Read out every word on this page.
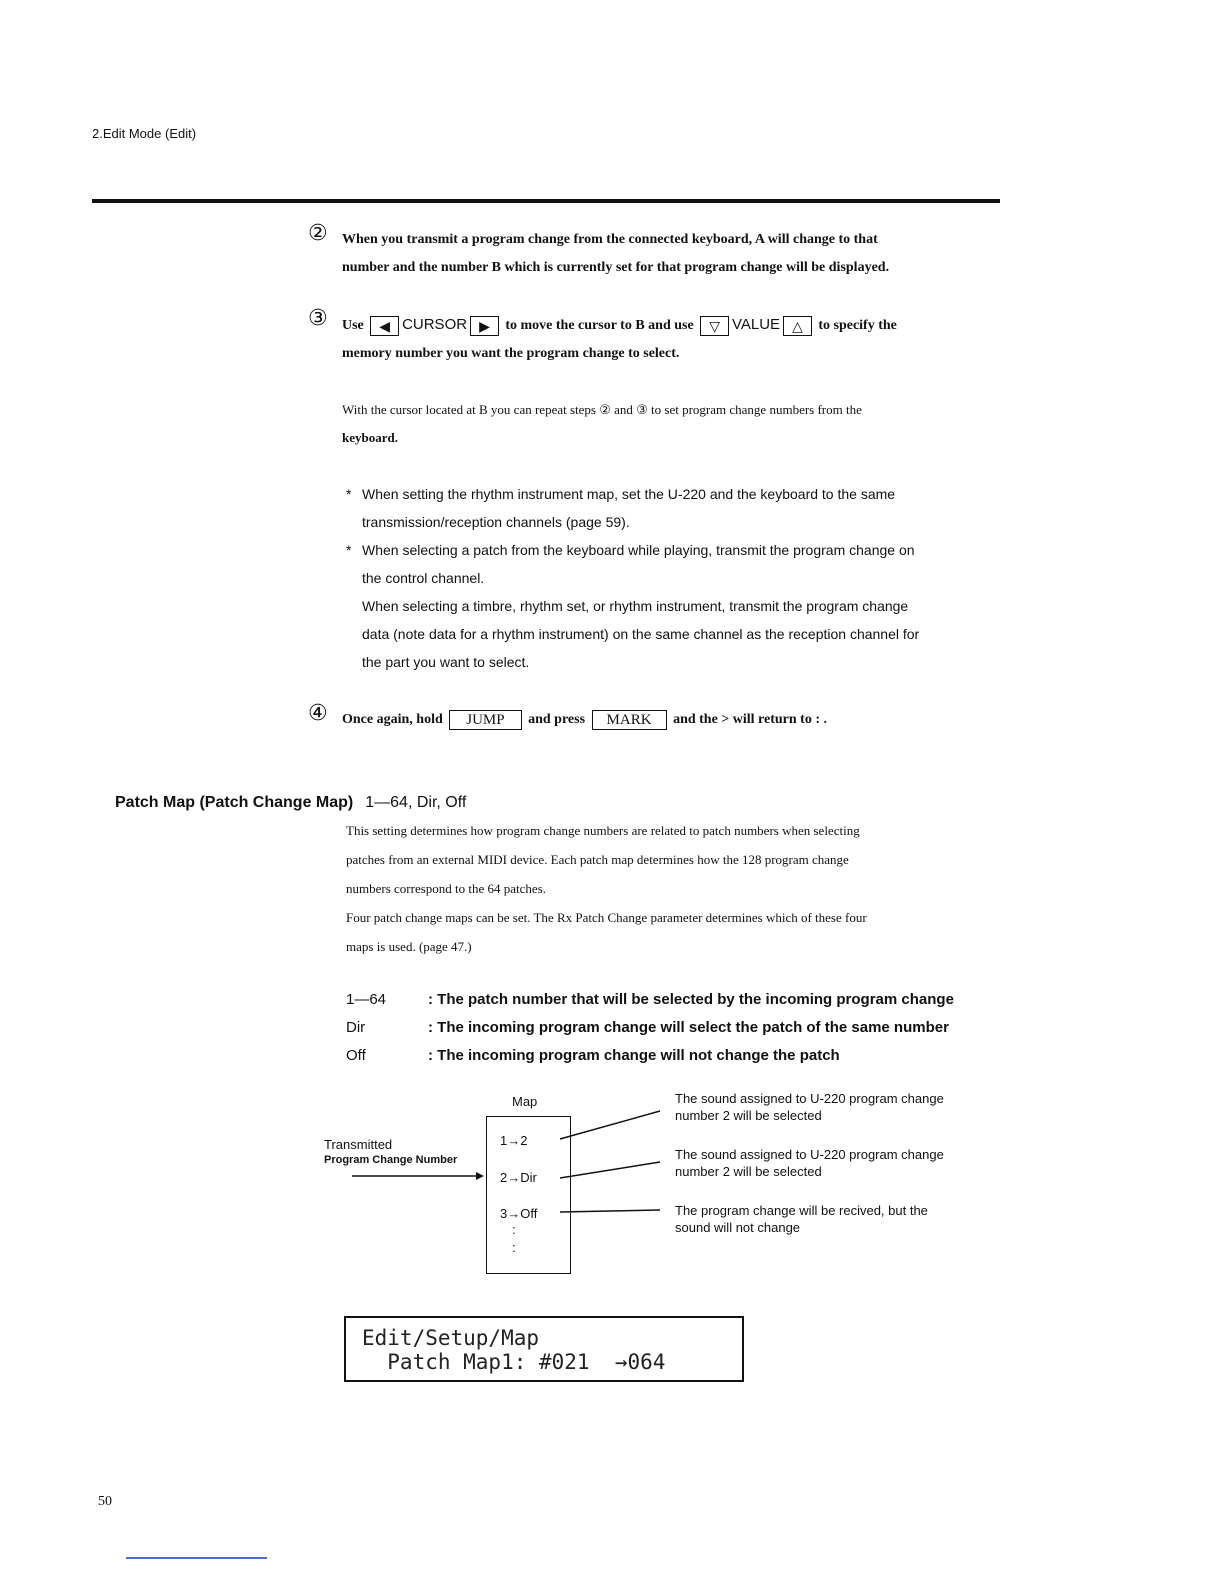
2.Edit Mode (Edit)
② When you transmit a program change from the connected keyboard, A will change to that
number and the number B which is currently set for that program change will be displayed.
③ Use ◀ CURSOR ▶ to move the cursor to B and use ▽ VALUE △ to specify the
memory number you want the program change to select.
With the cursor located at B you can repeat steps ② and ③ to set program change numbers from the
keyboard.
* When setting the rhythm instrument map, set the U-220 and the keyboard to the same
transmission/reception channels (page 59).
* When selecting a patch from the keyboard while playing, transmit the program change on
the control channel.
When selecting a timbre, rhythm set, or rhythm instrument, transmit the program change
data (note data for a rhythm instrument) on the same channel as the reception channel for
the part you want to select.
④	Once again, hold JUMP and press MARK and the > will return to : .
Patch Map (Patch Change Map) 1—64, Dir, Off
This setting determines how program change numbers are related to patch numbers when selecting
patches from an external MIDI device. Each patch map determines how the 128 program change
numbers correspond to the 64 patches.
Four patch change maps can be set. The Rx Patch Change parameter determines which of these four
maps is used. (page 47.)
1—64	: The patch number that will be selected by the incoming program change
Dir	: The incoming program change will select the patch of the same number
Off	: The incoming program change will not change the patch
Map
1→2
2→Dir
3→Off
:
:
Transmitted
Program Change Number
The sound assigned to U-220 program change
number 2 will be selected
The sound assigned to U-220 program change
number 2 will be selected
The program change will be recived, but the
sound will not change
Edit/Setup/Map
Patch Map1: #021  →064
50
